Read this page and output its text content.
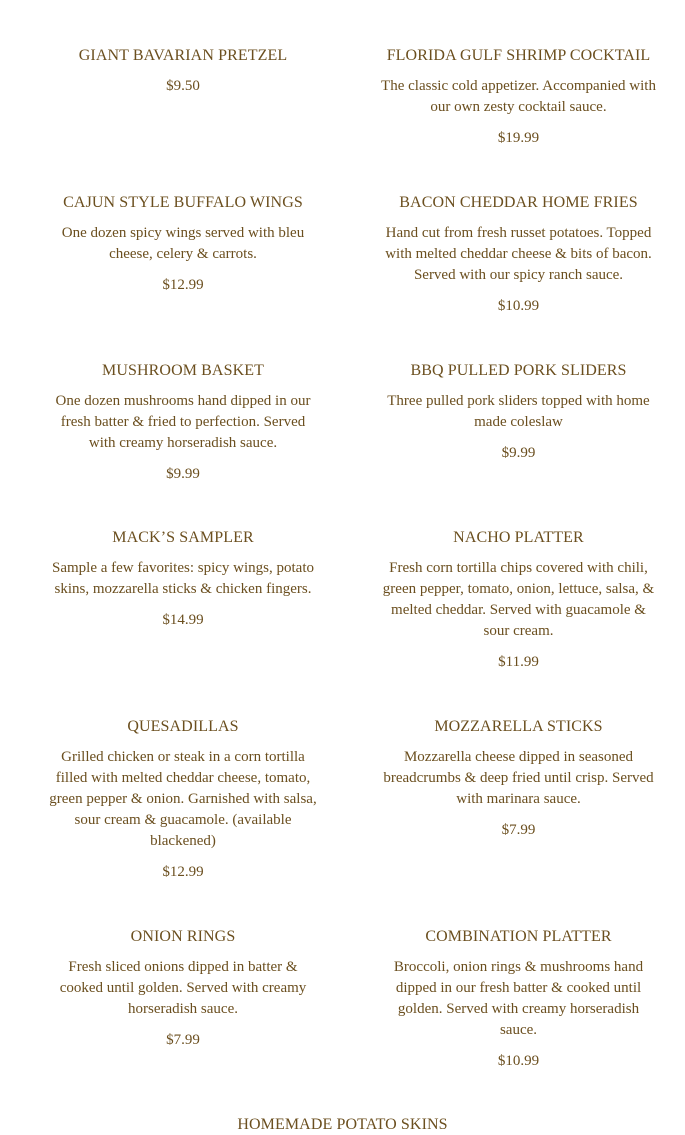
GIANT BAVARIAN PRETZEL
$9.50
FLORIDA GULF SHRIMP COCKTAIL
The classic cold appetizer. Accompanied with our own zesty cocktail sauce.
$19.99
CAJUN STYLE BUFFALO WINGS
One dozen spicy wings served with bleu cheese, celery & carrots.
$12.99
BACON CHEDDAR HOME FRIES
Hand cut from fresh russet potatoes. Topped with melted cheddar cheese & bits of bacon. Served with our spicy ranch sauce.
$10.99
MUSHROOM BASKET
One dozen mushrooms hand dipped in our fresh batter & fried to perfection. Served with creamy horseradish sauce.
$9.99
BBQ PULLED PORK SLIDERS
Three pulled pork sliders topped with home made coleslaw
$9.99
MACK’S SAMPLER
Sample a few favorites: spicy wings, potato skins, mozzarella sticks & chicken fingers.
$14.99
NACHO PLATTER
Fresh corn tortilla chips covered with chili, green pepper, tomato, onion, lettuce, salsa, & melted cheddar. Served with guacamole & sour cream.
$11.99
QUESADILLAS
Grilled chicken or steak in a corn tortilla filled with melted cheddar cheese, tomato, green pepper & onion. Garnished with salsa, sour cream & guacamole. (available blackened)
$12.99
MOZZARELLA STICKS
Mozzarella cheese dipped in seasoned breadcrumbs & deep fried until crisp. Served with marinara sauce.
$7.99
ONION RINGS
Fresh sliced onions dipped in batter & cooked until golden. Served with creamy horseradish sauce.
$7.99
COMBINATION PLATTER
Broccoli, onion rings & mushrooms hand dipped in our fresh batter & cooked until golden. Served with creamy horseradish sauce.
$10.99
HOMEMADE POTATO SKINS
